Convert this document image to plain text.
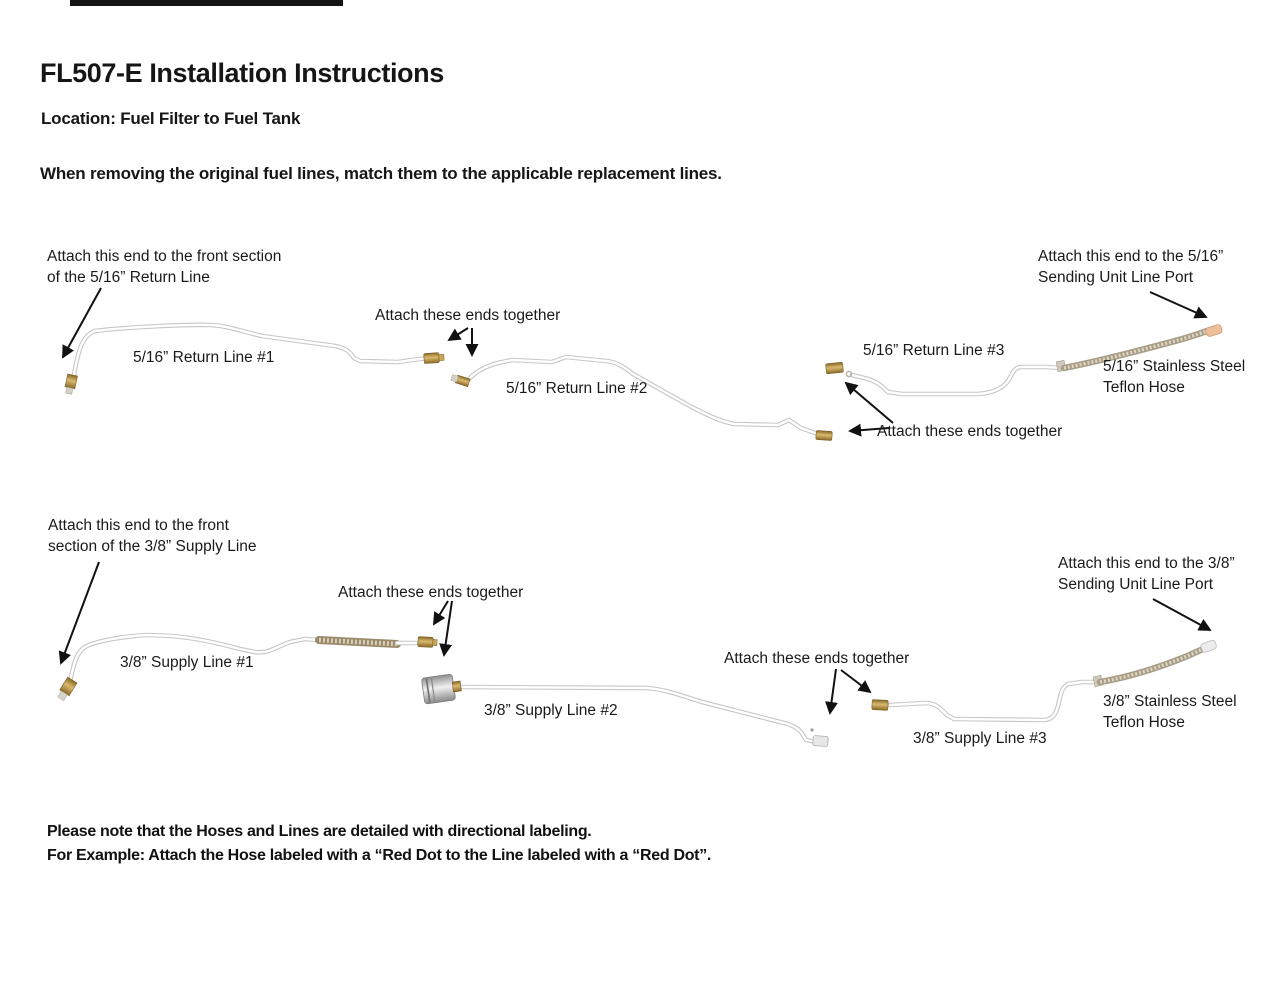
FL507-E Installation Instructions
Location: Fuel Filter to Fuel Tank
When removing the original fuel lines, match them to the applicable replacement lines.
Attach this end to the front section
of the 5/16” Return Line
Attach these ends together
5/16” Return Line #1
5/16” Return Line #2
5/16” Return Line #3
Attach these ends together
Attach this end to the 5/16”
Sending Unit Line Port
5/16” Stainless Steel
Teflon Hose
Attach this end to the front
section of the 3/8” Supply Line
Attach these ends together
3/8” Supply Line #1
3/8” Supply Line #2
Attach these ends together
3/8” Supply Line #3
Attach this end to the 3/8”
Sending Unit Line Port
3/8” Stainless Steel
Teflon Hose
Please note that the Hoses and Lines are detailed with directional labeling.
For Example: Attach the Hose labeled with a “Red Dot to the Line labeled with a “Red Dot”.
